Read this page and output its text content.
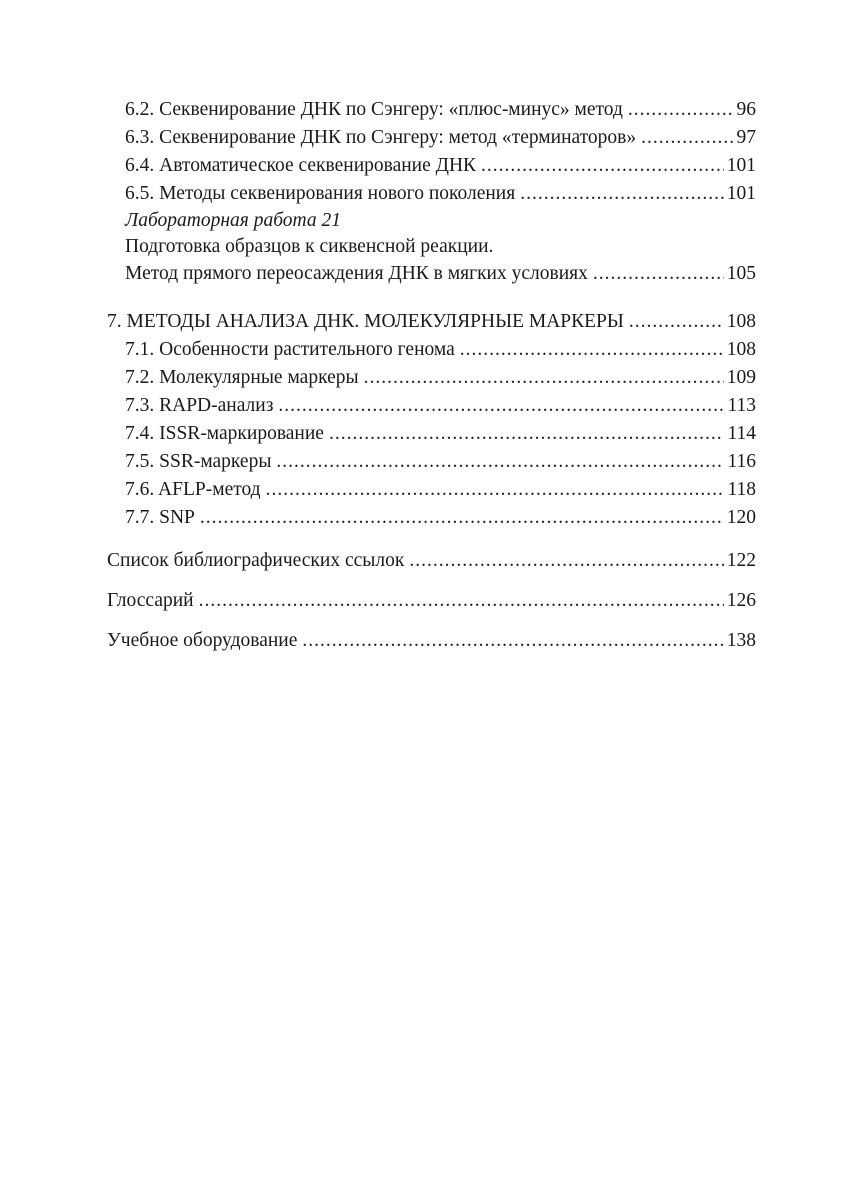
6.2. Секвенирование ДНК по Сэнгеру: «плюс-минус» метод .....	96
6.3. Секвенирование ДНК по Сэнгеру: метод «терминаторов» .....	97
6.4. Автоматическое секвенирование ДНК .....	101
6.5. Методы секвенирования нового поколения .....	101
Лабораторная работа 21
Подготовка образцов к сиквенсной реакции.
Метод прямого переосаждения ДНК в мягких условиях .....	105
7. МЕТОДЫ АНАЛИЗА ДНК. МОЛЕКУЛЯРНЫЕ МАРКЕРЫ .....	108
7.1. Особенности растительного генома .....	108
7.2. Молекулярные маркеры .....	109
7.3. RAPD-анализ .....	113
7.4. ISSR-маркирование .....	114
7.5. SSR-маркеры .....	116
7.6. AFLP-метод .....	118
7.7. SNP .....	120
Список библиографических ссылок .....	122
Глоссарий .....	126
Учебное оборудование .....	138
